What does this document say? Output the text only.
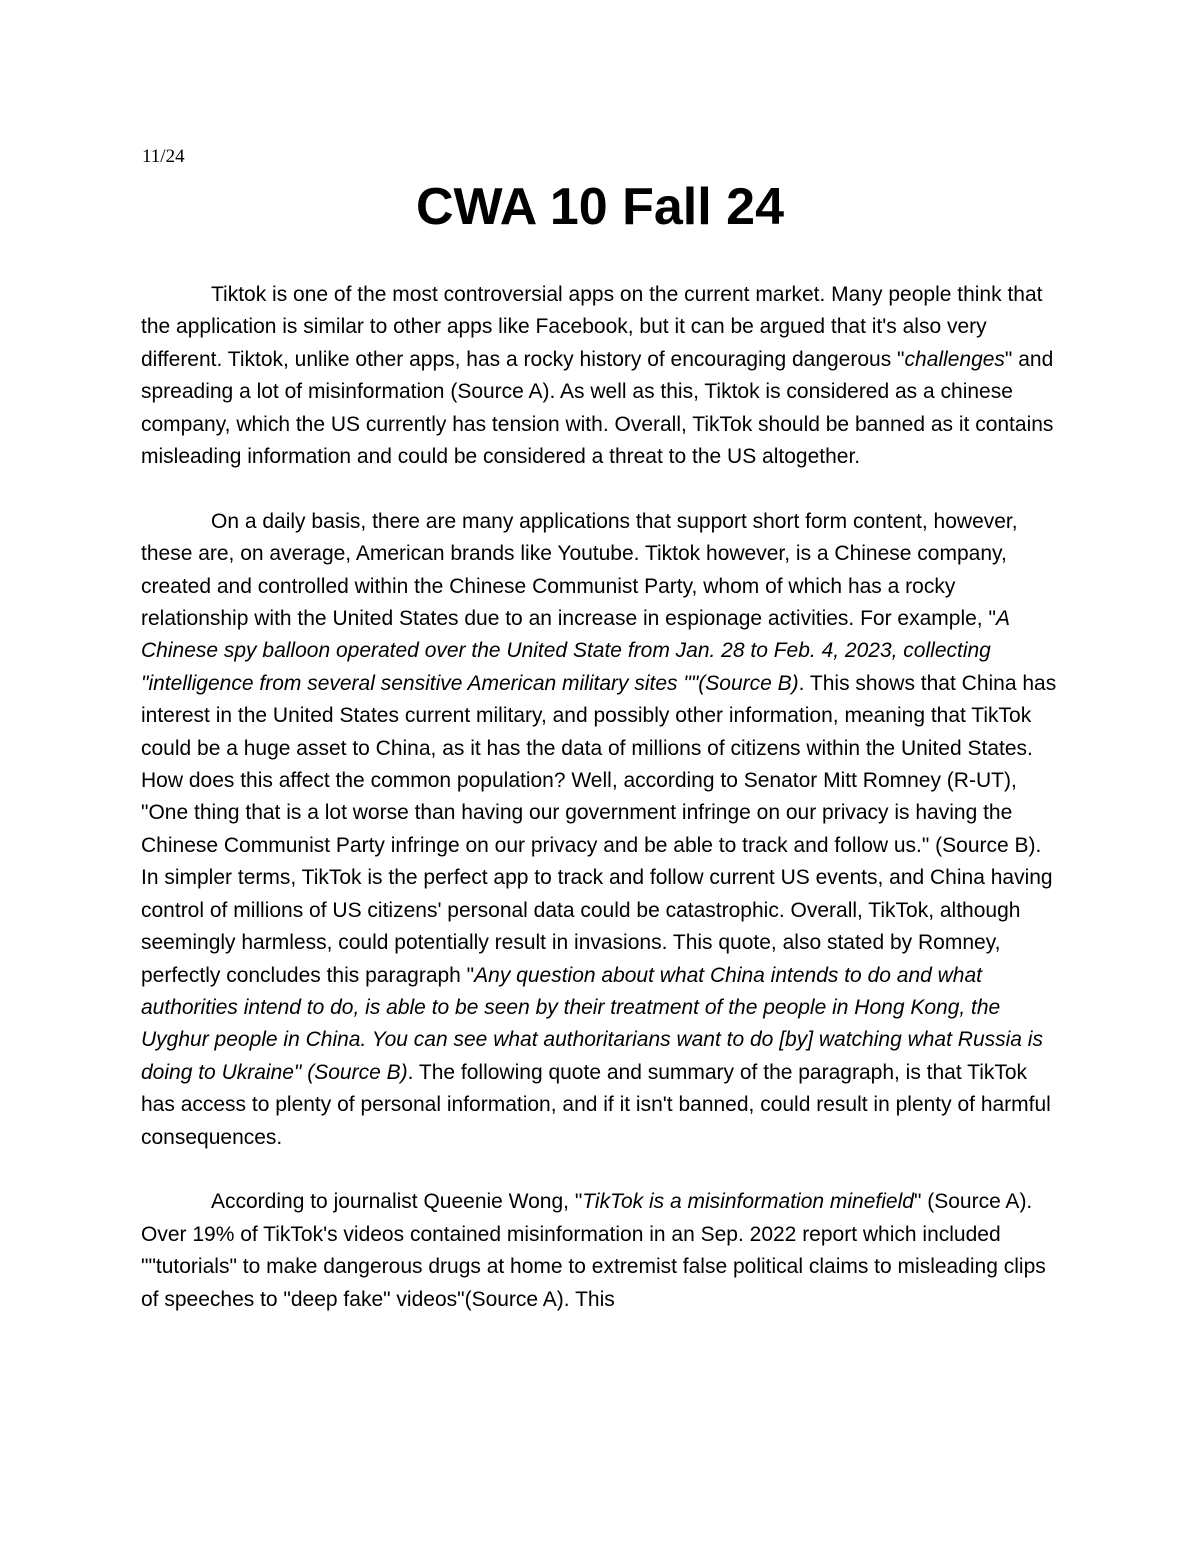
11/24
CWA 10 Fall 24

Tiktok is one of the most controversial apps on the current market. Many people think that the application is similar to other apps like Facebook, but it can be argued that it's also very different. Tiktok, unlike other apps, has a rocky history of encouraging dangerous "challenges" and spreading a lot of misinformation (Source A). As well as this, Tiktok is considered as a chinese company, which the US currently has tension with. Overall, TikTok should be banned as it contains misleading information and could be considered a threat to the US altogether.

On a daily basis, there are many applications that support short form content, however, these are, on average, American brands like Youtube. Tiktok however, is a Chinese company, created and controlled within the Chinese Communist Party, whom of which has a rocky relationship with the United States due to an increase in espionage activities. For example, "A Chinese spy balloon operated over the United State from Jan. 28 to Feb. 4, 2023, collecting "intelligence from several sensitive American military sites ""(Source B). This shows that China has interest in the United States current military, and possibly other information, meaning that TikTok could be a huge asset to China, as it has the data of millions of citizens within the United States. How does this affect the common population? Well, according to Senator Mitt Romney (R-UT), "One thing that is a lot worse than having our government infringe on our privacy is having the Chinese Communist Party infringe on our privacy and be able to track and follow us." (Source B). In simpler terms, TikTok is the perfect app to track and follow current US events, and China having control of millions of US citizens' personal data could be catastrophic. Overall, TikTok, although seemingly harmless, could potentially result in invasions. This quote, also stated by Romney, perfectly concludes this paragraph "Any question about what China intends to do and what authorities intend to do, is able to be seen by their treatment of the people in Hong Kong, the Uyghur people in China. You can see what authoritarians want to do [by] watching what Russia is doing to Ukraine" (Source B). The following quote and summary of the paragraph, is that TikTok has access to plenty of personal information, and if it isn't banned, could result in plenty of harmful consequences.

According to journalist Queenie Wong, "TikTok is a misinformation minefield" (Source A). Over 19% of TikTok's videos contained misinformation in an Sep. 2022 report which included ""tutorials" to make dangerous drugs at home to extremist false political claims to misleading clips of speeches to "deep fake" videos"(Source A). This
